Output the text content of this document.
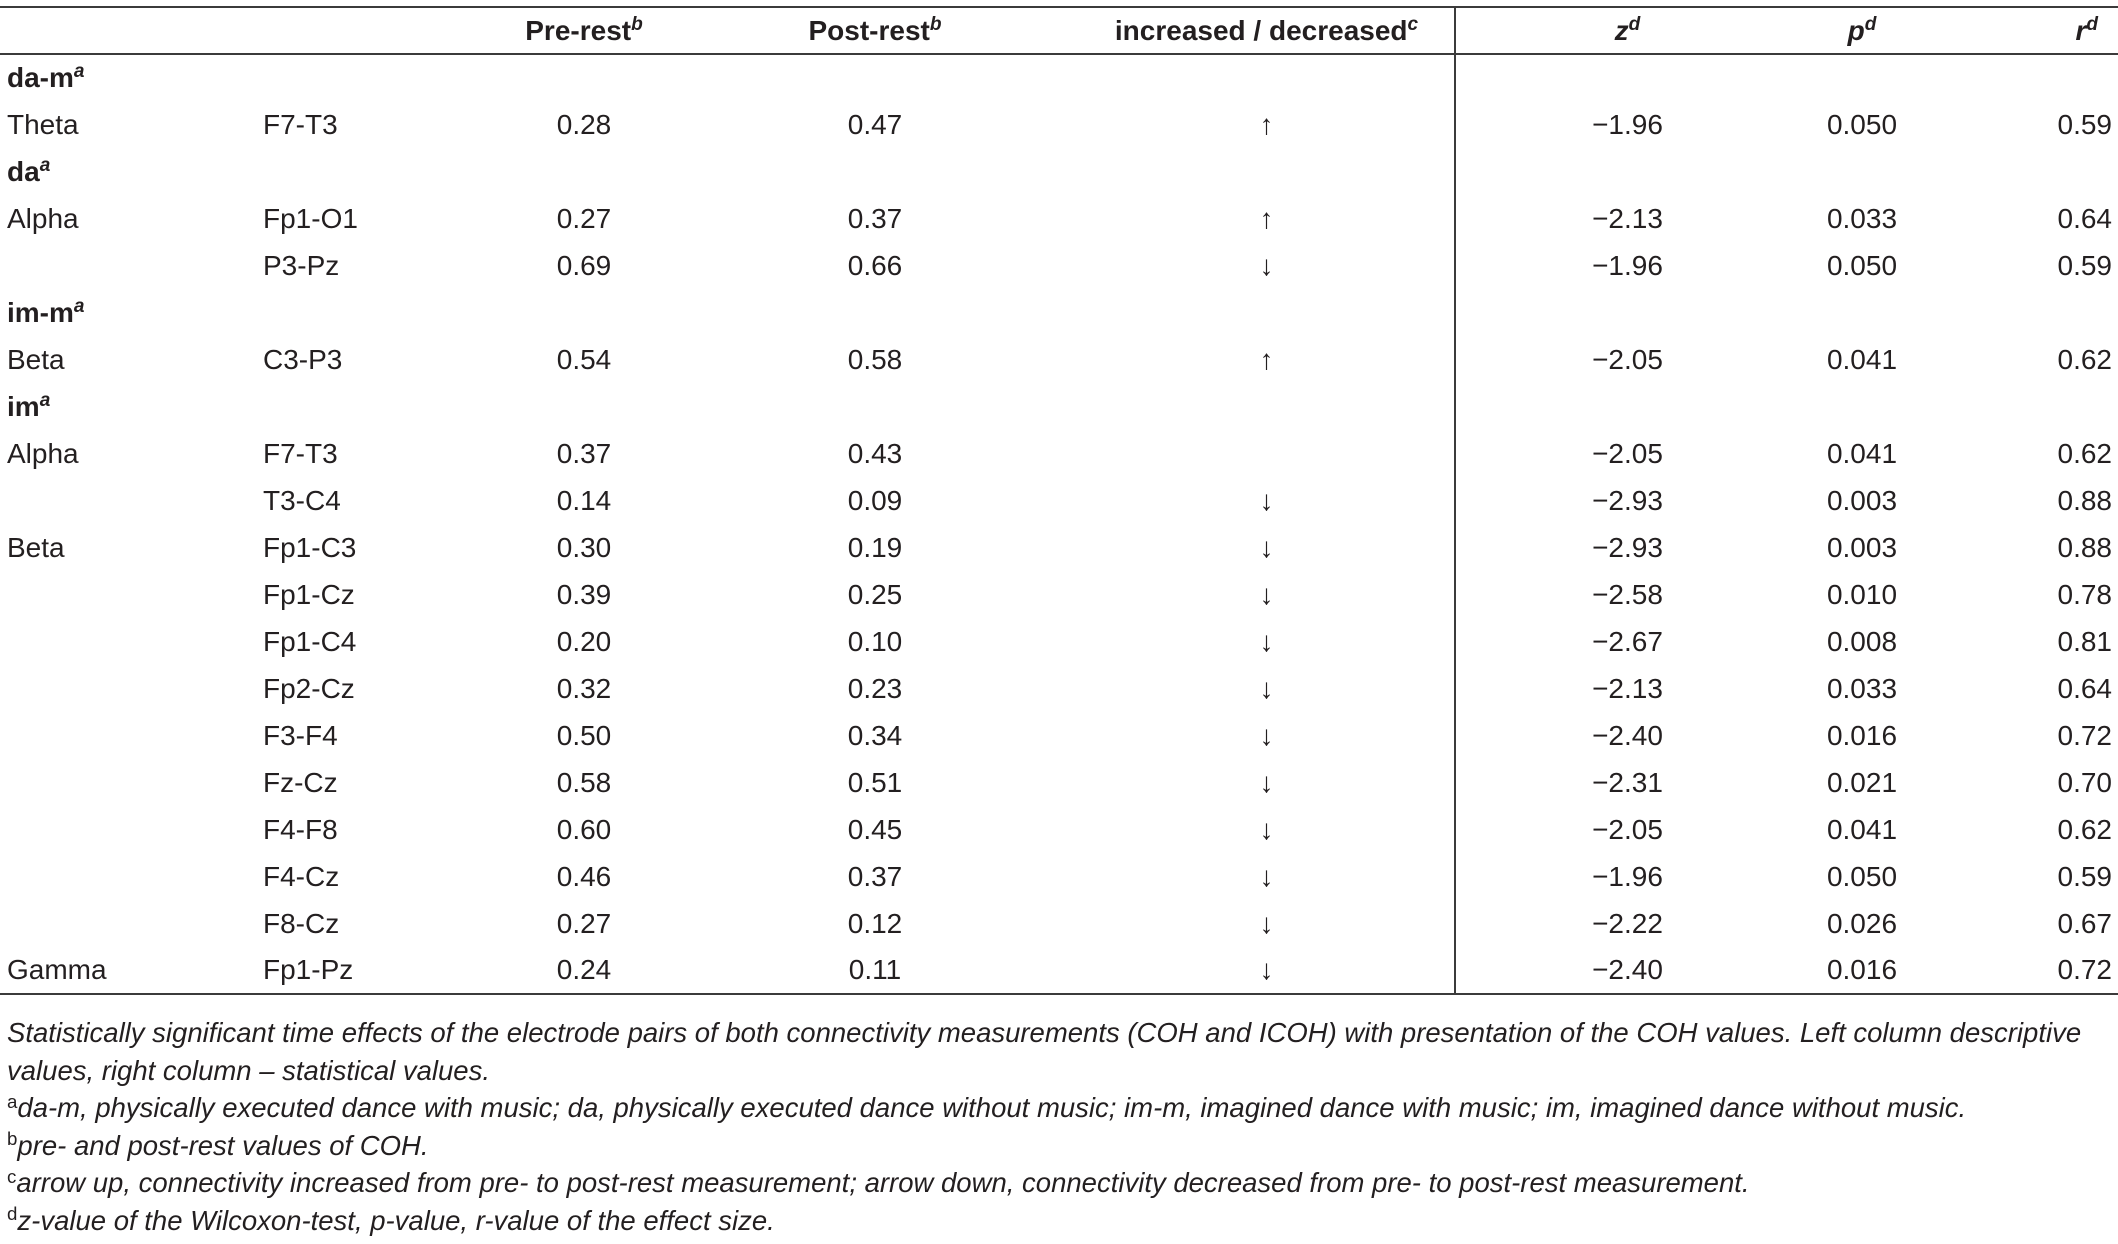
		Pre-rest$^b$	Post-rest$^b$	increased / decreased$^c$	$z^d$	$p^d$	$r^d$
$da-m^a$			
Theta	F7-T3	0.28	0.47	↑	−1.96	0.050	0.59
$da^a$			
Alpha	Fp1-O1	0.27	0.37	↑	−2.13	0.033	0.64
	P3-Pz	0.69	0.66	↓	−1.96	0.050	0.59
$im-m^a$			
Beta	C3-P3	0.54	0.58	↑	−2.05	0.041	0.62
$im^a$			
Alpha	F7-T3	0.37	0.43		−2.05	0.041	0.62
	T3-C4	0.14	0.09	↓	−2.93	0.003	0.88
Beta	Fp1-C3	0.30	0.19	↓	−2.93	0.003	0.88
	Fp1-Cz	0.39	0.25	↓	−2.58	0.010	0.78
	Fp1-C4	0.20	0.10	↓	−2.67	0.008	0.81
	Fp2-Cz	0.32	0.23	↓	−2.13	0.033	0.64
	F3-F4	0.50	0.34	↓	−2.40	0.016	0.72
	Fz-Cz	0.58	0.51	↓	−2.31	0.021	0.70
	F4-F8	0.60	0.45	↓	−2.05	0.041	0.62
	F4-Cz	0.46	0.37	↓	−1.96	0.050	0.59
	F8-Cz	0.27	0.12	↓	−2.22	0.026	0.67
Gamma	Fp1-Pz	0.24	0.11	↓	−2.40	0.016	0.72
Statistically significant time effects of the electrode pairs of both connectivity measurements (COH and ICOH) with presentation of the COH values. Left column descriptive values, right column – statistical values.
$^a$da-m, physically executed dance with music; da, physically executed dance without music; im-m, imagined dance with music; im, imagined dance without music.
$^b$pre- and post-rest values of COH.
$^c$arrow up, connectivity increased from pre- to post-rest measurement; arrow down, connectivity decreased from pre- to post-rest measurement.
$^d$z-value of the Wilcoxon-test, p-value, r-value of the effect size.
